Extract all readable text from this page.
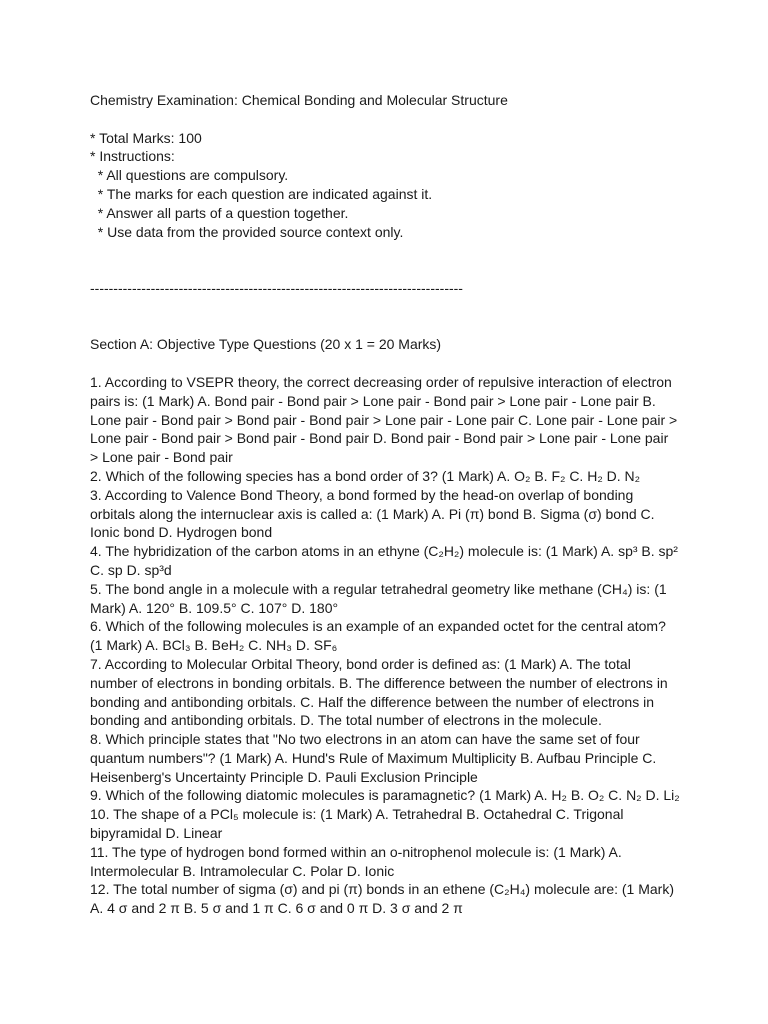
Chemistry Examination: Chemical Bonding and Molecular Structure
* Total Marks: 100
* Instructions:
* All questions are compulsory.
* The marks for each question are indicated against it.
* Answer all parts of a question together.
* Use data from the provided source context only.
--------------------------------------------------------------------------------
Section A: Objective Type Questions (20 x 1 = 20 Marks)

1. According to VSEPR theory, the correct decreasing order of repulsive interaction of electron pairs is: (1 Mark) A. Bond pair - Bond pair > Lone pair - Bond pair > Lone pair - Lone pair B. Lone pair - Bond pair > Bond pair - Bond pair > Lone pair - Lone pair C. Lone pair - Lone pair > Lone pair - Bond pair > Bond pair - Bond pair D. Bond pair - Bond pair > Lone pair - Lone pair > Lone pair - Bond pair

2. Which of the following species has a bond order of 3? (1 Mark) A. O₂ B. F₂ C. H₂ D. N₂

3. According to Valence Bond Theory, a bond formed by the head-on overlap of bonding orbitals along the internuclear axis is called a: (1 Mark) A. Pi (π) bond B. Sigma (σ) bond C. Ionic bond D. Hydrogen bond

4. The hybridization of the carbon atoms in an ethyne (C₂H₂) molecule is: (1 Mark) A. sp³ B. sp² C. sp D. sp³d

5. The bond angle in a molecule with a regular tetrahedral geometry like methane (CH₄) is: (1 Mark) A. 120° B. 109.5° C. 107° D. 180°

6. Which of the following molecules is an example of an expanded octet for the central atom? (1 Mark) A. BCl₃ B. BeH₂ C. NH₃ D. SF₆

7. According to Molecular Orbital Theory, bond order is defined as: (1 Mark) A. The total number of electrons in bonding orbitals. B. The difference between the number of electrons in bonding and antibonding orbitals. C. Half the difference between the number of electrons in bonding and antibonding orbitals. D. The total number of electrons in the molecule.

8. Which principle states that "No two electrons in an atom can have the same set of four quantum numbers"? (1 Mark) A. Hund's Rule of Maximum Multiplicity B. Aufbau Principle C. Heisenberg's Uncertainty Principle D. Pauli Exclusion Principle

9. Which of the following diatomic molecules is paramagnetic? (1 Mark) A. H₂ B. O₂ C. N₂ D. Li₂

10. The shape of a PCl₅ molecule is: (1 Mark) A. Tetrahedral B. Octahedral C. Trigonal bipyramidal D. Linear

11. The type of hydrogen bond formed within an o-nitrophenol molecule is: (1 Mark) A. Intermolecular B. Intramolecular C. Polar D. Ionic

12. The total number of sigma (σ) and pi (π) bonds in an ethene (C₂H₄) molecule are: (1 Mark) A. 4 σ and 2 π B. 5 σ and 1 π C. 6 σ and 0 π D. 3 σ and 2 π
